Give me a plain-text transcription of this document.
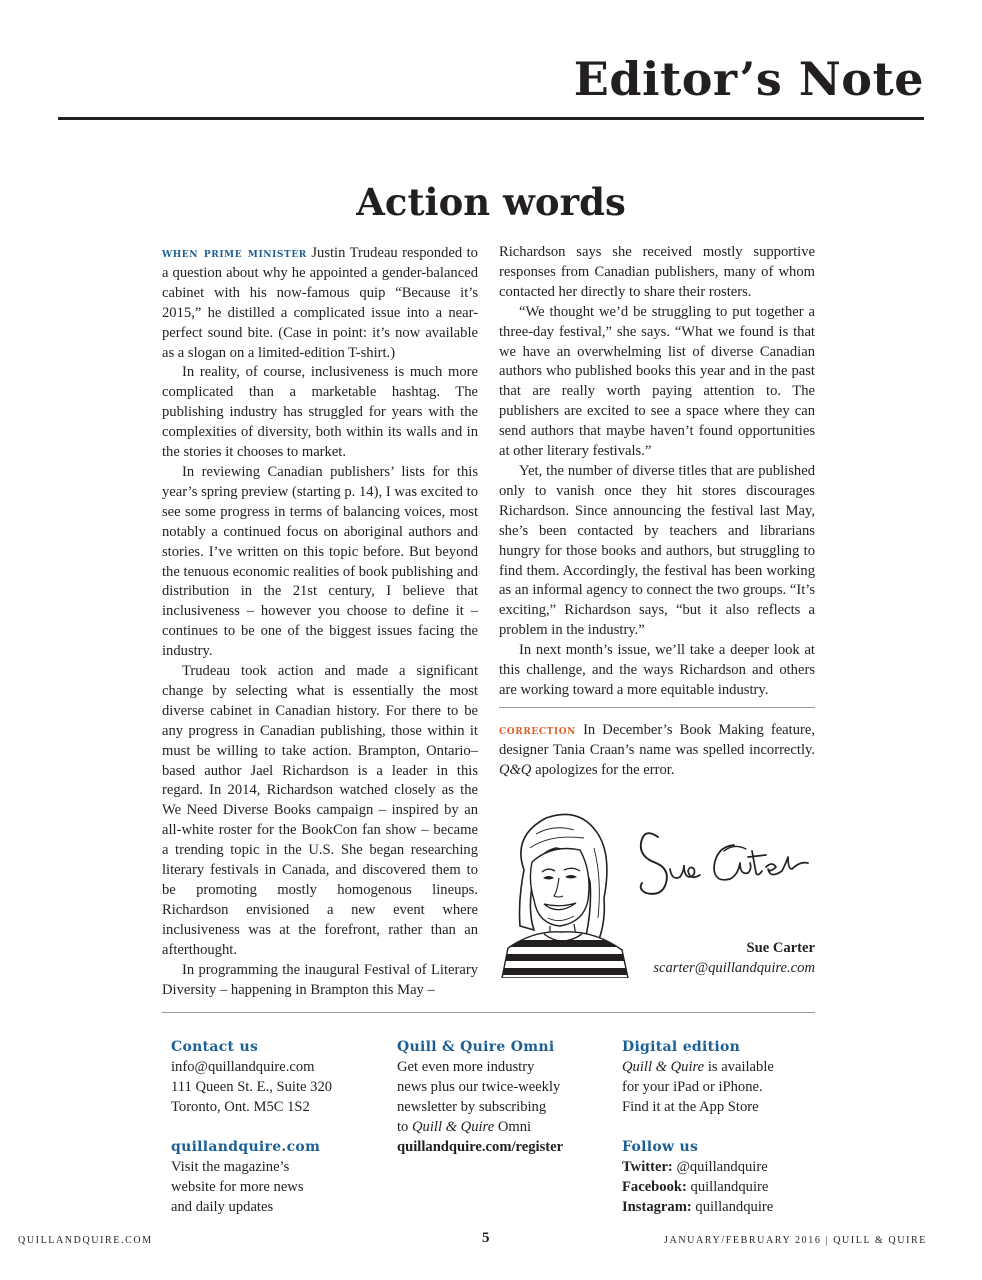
Editor’s Note
Action words

when prime minister Justin Trudeau responded to a question about why he appointed a gender-balanced cabinet with his now-famous quip “Because it’s 2015,” he distilled a complicated issue into a near-perfect sound bite. (Case in point: it’s now available as a slogan on a limited-edition T-shirt.)

In reality, of course, inclusiveness is much more complicated than a marketable hashtag. The publishing industry has struggled for years with the complexities of diversity, both within its walls and in the stories it chooses to market.

In reviewing Canadian publishers’ lists for this year’s spring preview (starting p. 14), I was excited to see some progress in terms of balancing voices, most notably a continued focus on aboriginal authors and stories. I’ve written on this topic before. But beyond the tenuous economic realities of book publishing and distribution in the 21st century, I believe that inclusiveness – however you choose to define it – continues to be one of the biggest issues facing the industry.

Trudeau took action and made a significant change by selecting what is essentially the most diverse cabinet in Canadian history. For there to be any progress in Canadian publishing, those within it must be willing to take action. Brampton, Ontario–based author Jael Richardson is a leader in this regard. In 2014, Richardson watched closely as the We Need Diverse Books campaign – inspired by an all-white roster for the BookCon fan show – became a trending topic in the U.S. She began researching literary festivals in Canada, and discovered them to be promoting mostly homogenous lineups. Richardson envisioned a new event where inclusiveness was at the forefront, rather than an afterthought.

In programming the inaugural Festival of Literary Diversity – happening in Brampton this May –

Richardson says she received mostly supportive responses from Canadian publishers, many of whom contacted her directly to share their rosters.

“We thought we’d be struggling to put together a three-day festival,” she says. “What we found is that we have an overwhelming list of diverse Canadian authors who published books this year and in the past that are really worth paying attention to. The publishers are excited to see a space where they can send authors that maybe haven’t found opportunities at other literary festivals.”

Yet, the number of diverse titles that are published only to vanish once they hit stores discourages Richardson. Since announcing the festival last May, she’s been contacted by teachers and librarians hungry for those books and authors, but struggling to find them. Accordingly, the festival has been working as an informal agency to connect the two groups. “It’s exciting,” Richardson says, “but it also reflects a problem in the industry.”

In next month’s issue, we’ll take a deeper look at this challenge, and the ways Richardson and others are working toward a more equitable industry.

correction In December’s Book Making feature, designer Tania Craan’s name was spelled incorrectly. Q&Q apologizes for the error.

Sue Carter
scarter@quillandquire.com
Contact us
info@quillandquire.com
111 Queen St. E., Suite 320
Toronto, Ont. M5C 1S2
quillandquire.com
Visit the magazine’s
website for more news
and daily updates
Quill & Quire Omni
Get even more industry
news plus our twice-weekly
newsletter by subscribing
to Quill & Quire Omni
quillandquire.com/register
Digital edition
Quill & Quire is available
for your iPad or iPhone.
Find it at the App Store
Follow us
Twitter: @quillandquire
Facebook: quillandquire
Instagram: quillandquire
QUILLANDQUIRE.COM	5	JANUARY/FEBRUARY 2016 | QUILL & QUIRE
